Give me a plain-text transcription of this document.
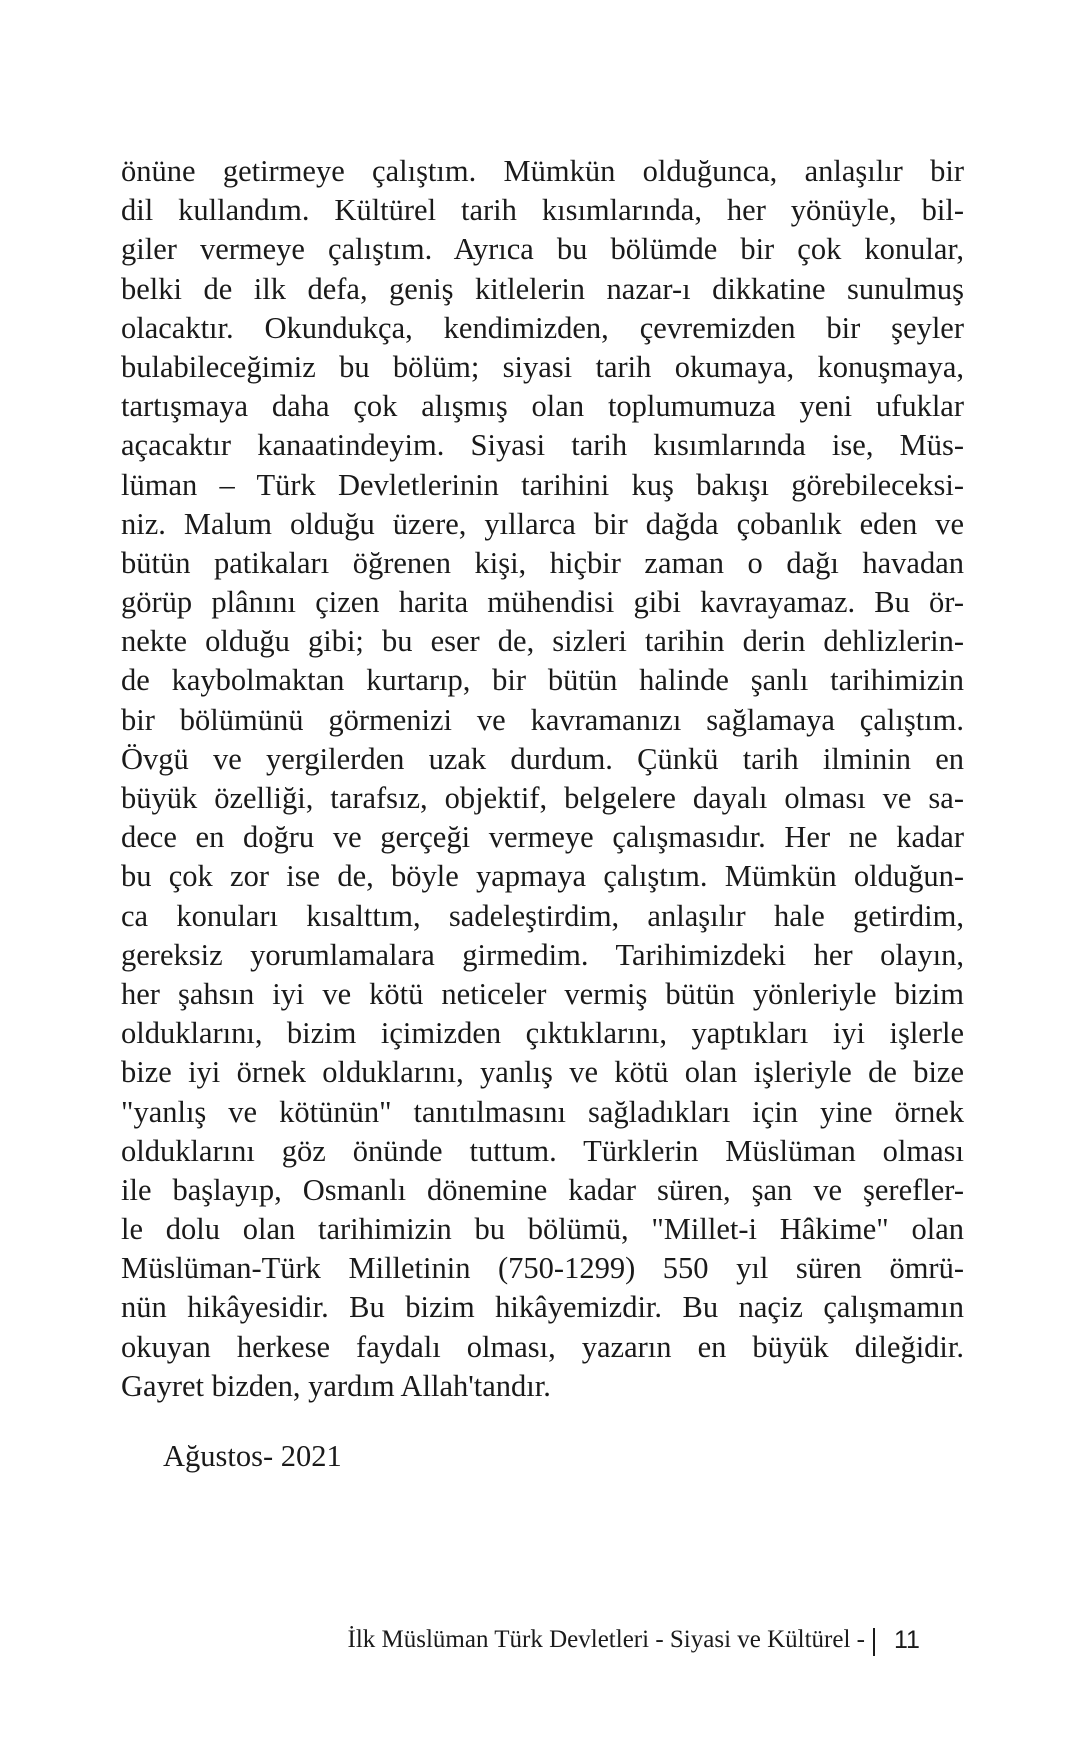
önüne getirmeye çalıştım. Mümkün olduğunca, anlaşılır bir
dil kullandım. Kültürel tarih kısımlarında, her yönüyle, bil-
giler vermeye çalıştım. Ayrıca bu bölümde bir çok konular,
belki de ilk defa, geniş kitlelerin nazar-ı dikkatine sunulmuş
olacaktır. Okundukça, kendimizden, çevremizden bir şeyler
bulabileceğimiz bu bölüm; siyasi tarih okumaya, konuşmaya,
tartışmaya daha çok alışmış olan toplumumuza yeni ufuklar
açacaktır kanaatindeyim. Siyasi tarih kısımlarında ise, Müs-
lüman – Türk Devletlerinin tarihini kuş bakışı görebileceksi-
niz. Malum olduğu üzere, yıllarca bir dağda çobanlık eden ve
bütün patikaları öğrenen kişi, hiçbir zaman o dağı havadan
görüp plânını çizen harita mühendisi gibi kavrayamaz. Bu ör-
nekte olduğu gibi; bu eser de, sizleri tarihin derin dehlizlerin-
de kaybolmaktan kurtarıp, bir bütün halinde şanlı tarihimizin
bir bölümünü görmenizi ve kavramanızı sağlamaya çalıştım.
Övgü ve yergilerden uzak durdum. Çünkü tarih ilminin en
büyük özelliği, tarafsız, objektif, belgelere dayalı olması ve sa-
dece en doğru ve gerçeği vermeye çalışmasıdır. Her ne kadar
bu çok zor ise de, böyle yapmaya çalıştım. Mümkün olduğun-
ca konuları kısalttım, sadeleştirdim, anlaşılır hale getirdim,
gereksiz yorumlamalara girmedim. Tarihimizdeki her olayın,
her şahsın iyi ve kötü neticeler vermiş bütün yönleriyle bizim
olduklarını, bizim içimizden çıktıklarını, yaptıkları iyi işlerle
bize iyi örnek olduklarını, yanlış ve kötü olan işleriyle de bize
"yanlış ve kötünün" tanıtılmasını sağladıkları için yine örnek
olduklarını göz önünde tuttum. Türklerin Müslüman olması
ile başlayıp, Osmanlı dönemine kadar süren, şan ve şerefler-
le dolu olan tarihimizin bu bölümü, "Millet-i Hâkime" olan
Müslüman-Türk Milletinin (750-1299) 550 yıl süren ömrü-
nün hikâyesidir. Bu bizim hikâyemizdir. Bu naçiz çalışmamın
okuyan herkese faydalı olması, yazarın en büyük dileğidir.
Gayret bizden, yardım Allah'tandır.

Ağustos- 2021

İlk Müslüman Türk Devletleri - Siyasi ve Kültürel - 11
